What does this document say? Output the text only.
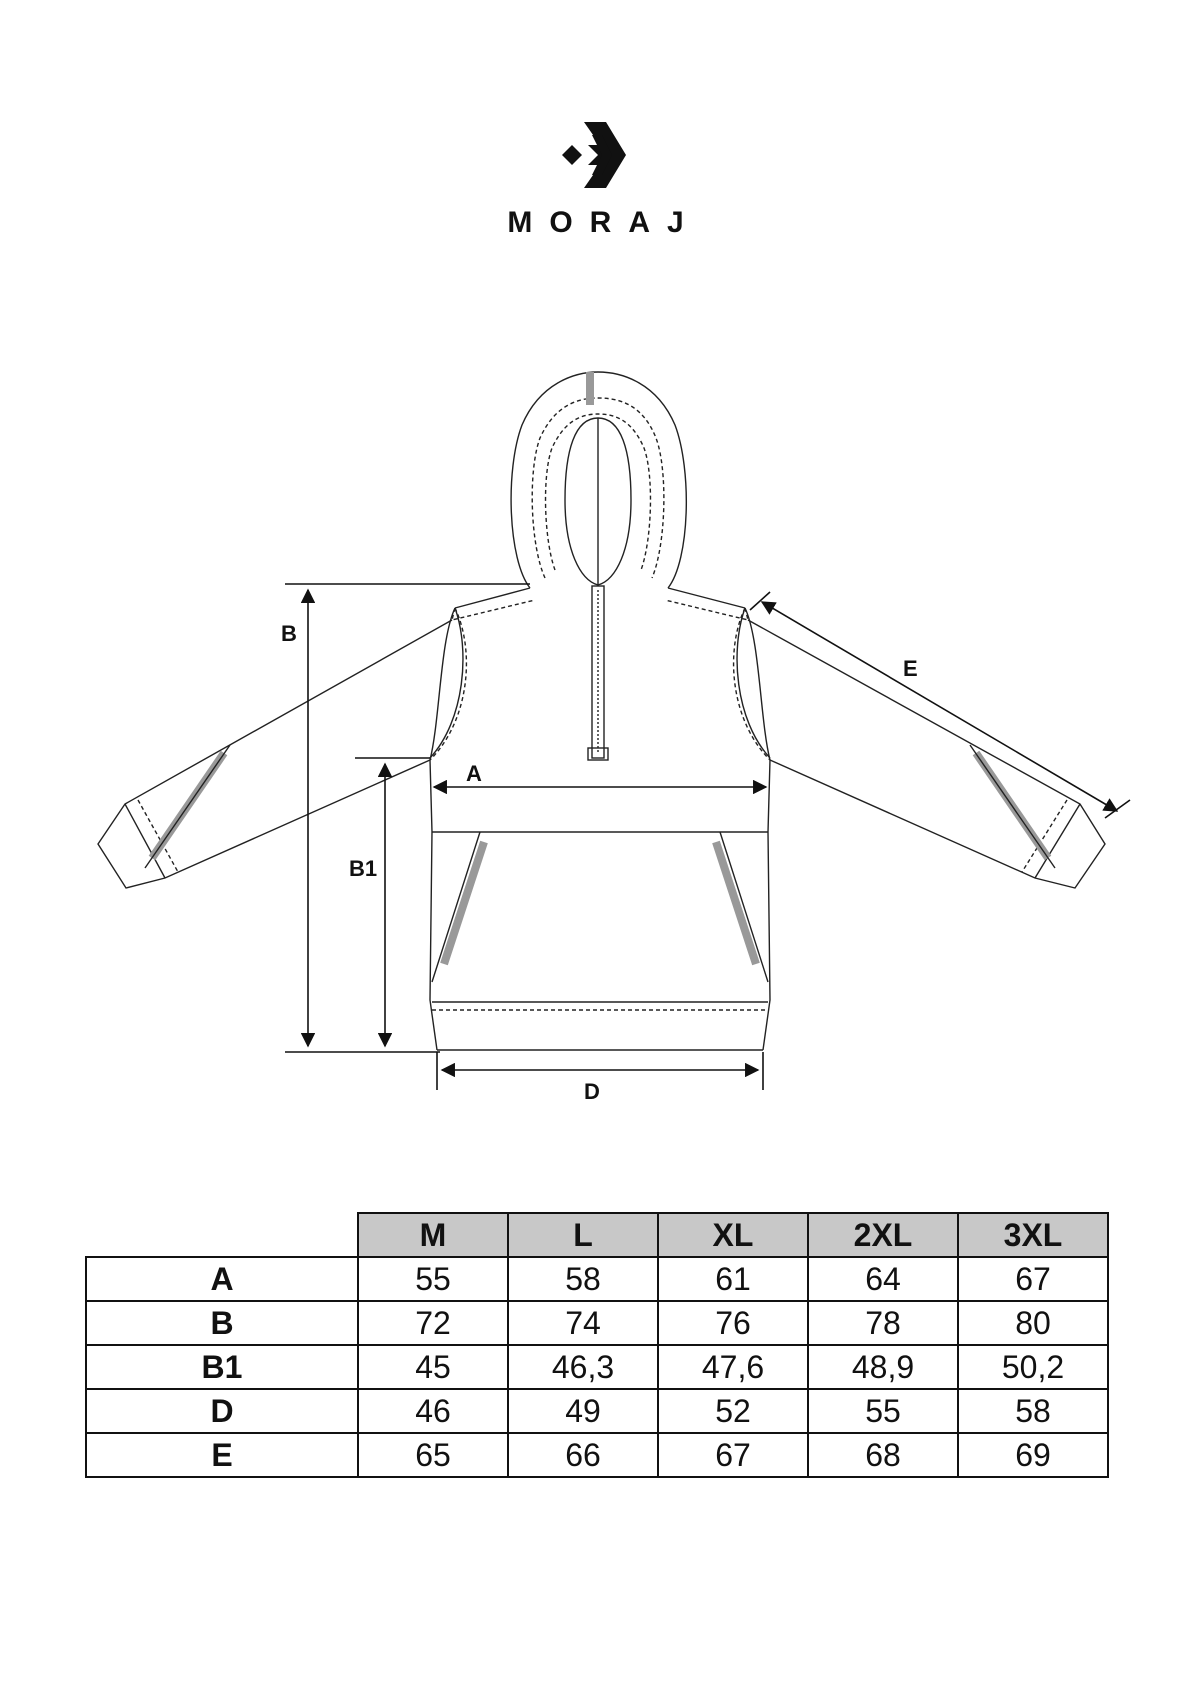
MORAJ
B
B1
A
D
E
	M	L	XL	2XL	3XL
A	55	58	61	64	67
B	72	74	76	78	80
B1	45	46,3	47,6	48,9	50,2
D	46	49	52	55	58
E	65	66	67	68	69
